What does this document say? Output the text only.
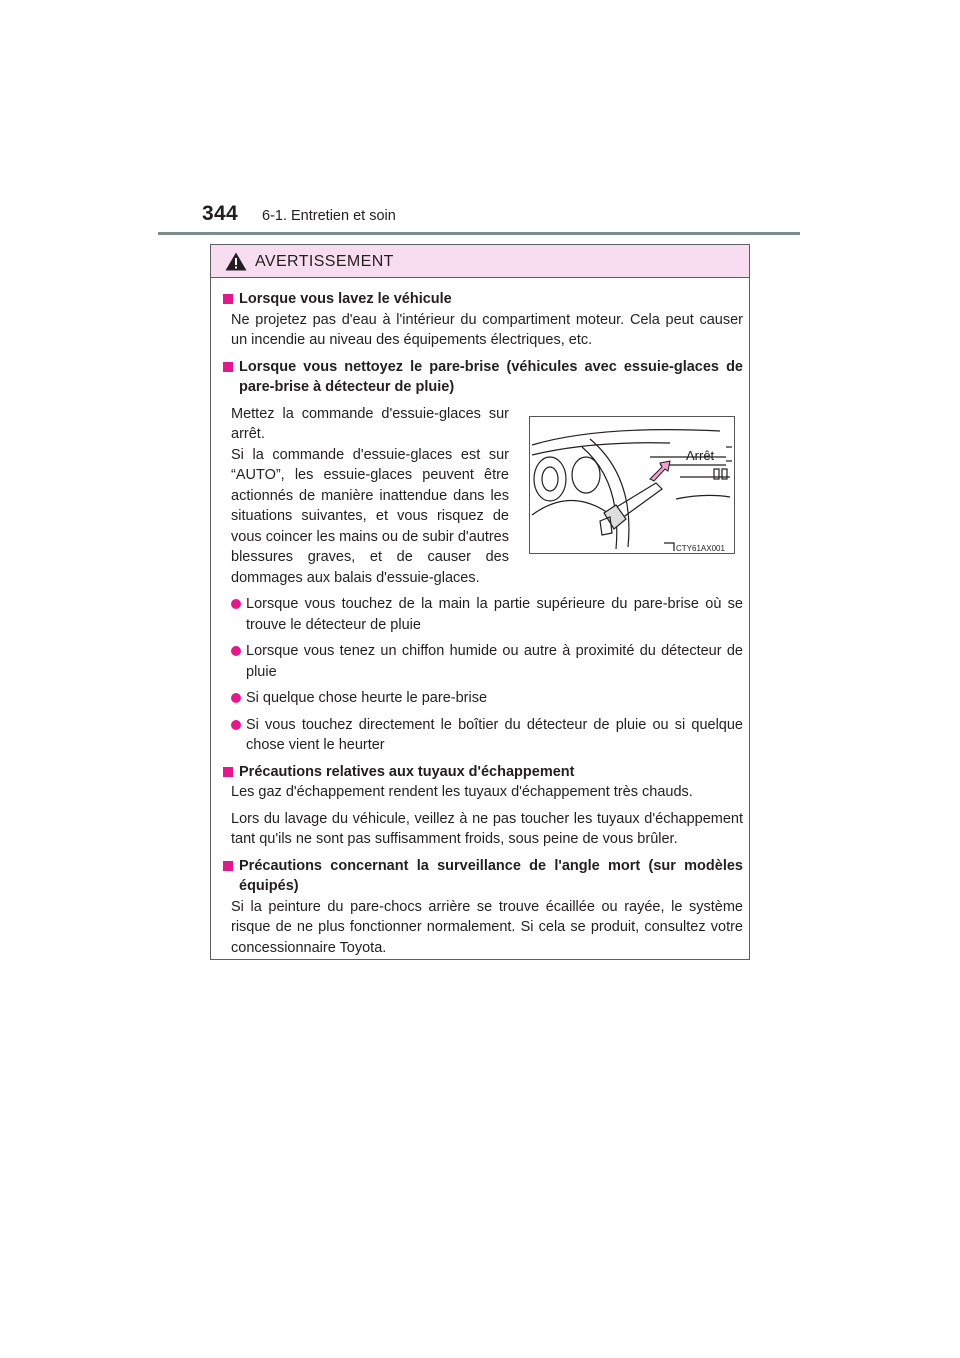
344 6-1. Entretien et soin
AVERTISSEMENT
Lorsque vous lavez le véhicule

Ne projetez pas d'eau à l'intérieur du compartiment moteur. Cela peut causer un incendie au niveau des équipements électriques, etc.

Lorsque vous nettoyez le pare-brise (véhicules avec essuie-glaces de pare-brise à détecteur de pluie)

Mettez la commande d'essuie-glaces sur arrêt.
Si la commande d'essuie-glaces est sur “AUTO”, les essuie-glaces peuvent être actionnés de manière inattendue dans les situations suivantes, et vous risquez de vous coincer les mains ou de subir d'autres blessures graves, et de causer des dommages aux balais d'essuie-glaces.

Arrêt
CTY61AX001
Lorsque vous touchez de la main la partie supérieure du pare-brise où se trouve le détecteur de pluie
Lorsque vous tenez un chiffon humide ou autre à proximité du détecteur de pluie
Si quelque chose heurte le pare-brise
Si vous touchez directement le boîtier du détecteur de pluie ou si quelque chose vient le heurter
Précautions relatives aux tuyaux d'échappement

Les gaz d'échappement rendent les tuyaux d'échappement très chauds.

Lors du lavage du véhicule, veillez à ne pas toucher les tuyaux d'échappement tant qu'ils ne sont pas suffisamment froids, sous peine de vous brûler.

Précautions concernant la surveillance de l'angle mort (sur modèles équipés)

Si la peinture du pare-chocs arrière se trouve écaillée ou rayée, le système risque de ne plus fonctionner normalement. Si cela se produit, consultez votre concessionnaire Toyota.
